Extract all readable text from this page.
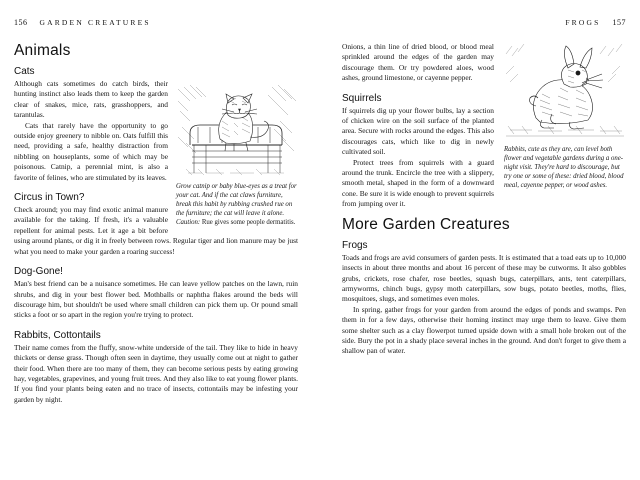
156 GARDEN CREATURES
Animals
Cats
Grow catnip or baby blue-eyes as a treat for your cat. And if the cat claws furniture, break this habit by rubbing crushed rue on the furniture; the cat will leave it alone. Caution: Rue gives some people dermatitis.

Although cats sometimes do catch birds, their hunting instinct also leads them to keep the garden clear of snakes, mice, rats, grasshoppers, and tarantulas.

Cats that rarely have the opportunity to go outside enjoy greenery to nibble on. Oats fulfill this need, providing a safe, healthy distraction from nibbling on houseplants, some of which may be poisonous. Catnip, a perennial mint, is also a favorite of felines, who are stimulated by its leaves.

Circus in Town?

Check around; you may find exotic animal manure available for the taking. If fresh, it's a valuable repellent for animal pests. Let it age a bit before using around plants, or dig it in freely between rows. Regular tiger and lion manure may be just what you need to make your garden a roaring success!

Dog-Gone!

Man's best friend can be a nuisance sometimes. He can leave yellow patches on the lawn, ruin shrubs, and dig in your best flower bed. Mothballs or naphtha flakes around the beds will discourage him, but shouldn't be used where small children can pick them up. Or pound small sticks a foot or so apart in the region you're trying to protect.

Rabbits, Cottontails

Their name comes from the fluffy, snow-white underside of the tail. They like to hide in heavy thickets or dense grass. Though often seen in daytime, they usually come out at night to gather their food. When there are too many of them, they can become serious pests by eating growing hay, vegetables, grapevines, and young fruit trees. And they also like to eat young flower plants. If you find your plants being eaten and no trace of insects, cottontails may be infesting your garden by night.

FROGS 157
Rabbits, cute as they are, can level both flower and vegetable gardens during a one-night visit. They're hard to discourage, but try one or some of these: dried blood, blood meal, cayenne pepper, or wood ashes.

Onions, a thin line of dried blood, or blood meal sprinkled around the edges of the garden may discourage them. Or try powdered aloes, wood ashes, ground limestone, or cayenne pepper.

Squirrels

If squirrels dig up your flower bulbs, lay a section of chicken wire on the soil surface of the planted area. Secure with rocks around the edges. This also discourages cats, which like to dig in newly cultivated soil.

Protect trees from squirrels with a guard around the trunk. Encircle the tree with a slippery, smooth metal, shaped in the form of a downward cone. Be sure it is wide enough to prevent squirrels from jumping over it.

More Garden Creatures
Frogs

Toads and frogs are avid consumers of garden pests. It is estimated that a toad eats up to 10,000 insects in about three months and about 16 percent of these may be cutworms. It also gobbles grubs, crickets, rose chafer, rose beetles, squash bugs, caterpillars, ants, tent caterpillars, armyworms, chinch bugs, gypsy moth caterpillars, sow bugs, potato beetles, moths, flies, mosquitoes, slugs, and sometimes even moles.

In spring, gather frogs for your garden from around the edges of ponds and swamps. Pen them in for a few days, otherwise their homing instinct may urge them to leave. Give them some shelter such as a clay flowerpot turned upside down with a small hole broken out of the side. Bury the pot in a shady place several inches in the ground. And don't forget to give them a shallow pan of water.
